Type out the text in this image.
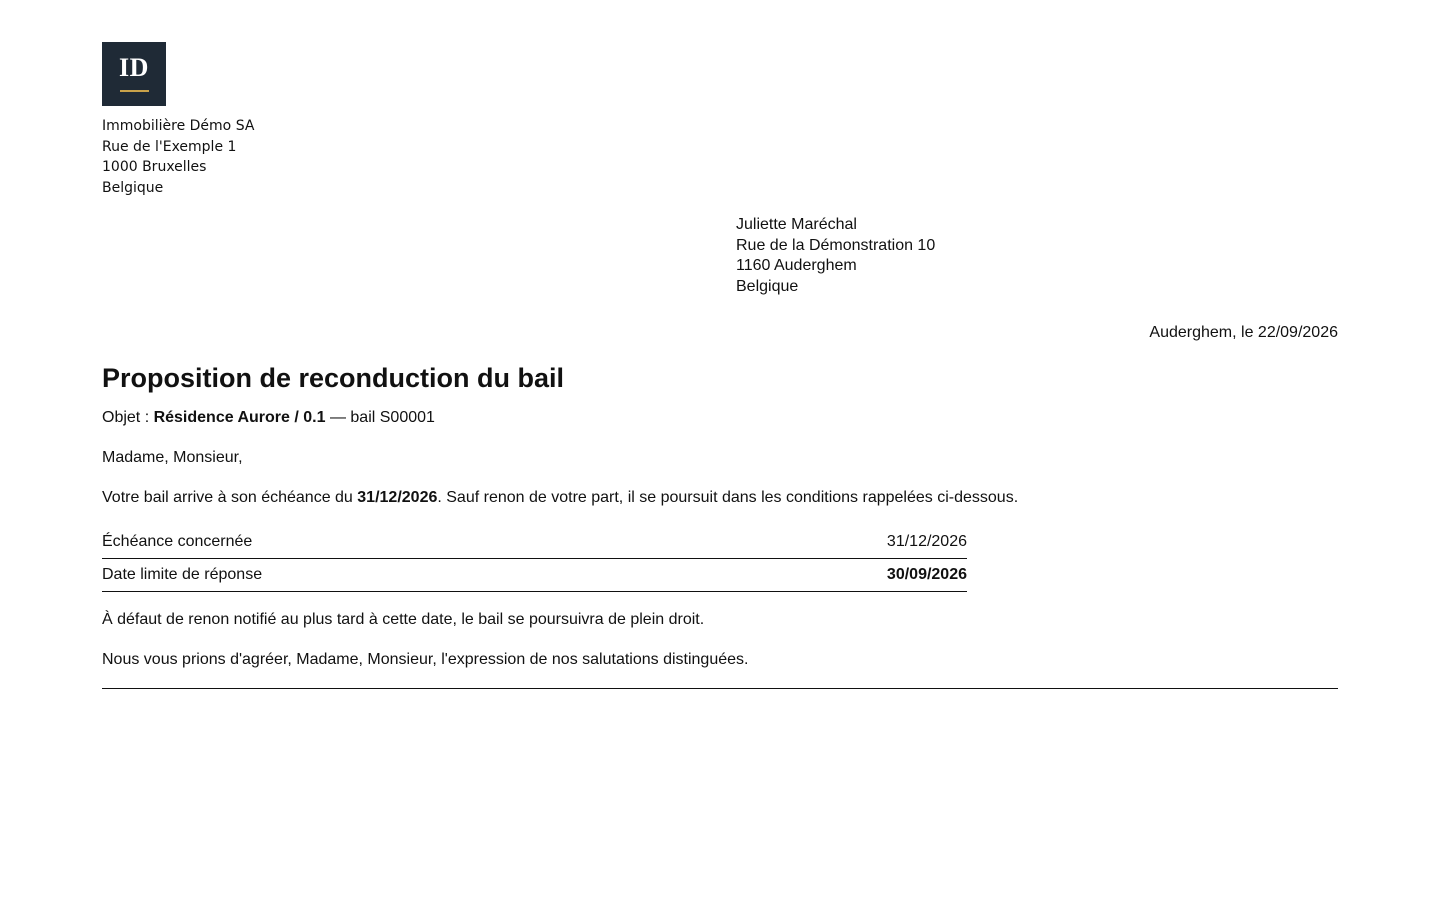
ID
Immobilière Démo SA
Rue de l'Exemple 1
1000 Bruxelles
Belgique
Juliette Maréchal
Rue de la Démonstration 10
1160 Auderghem
Belgique
Auderghem, le 22/09/2026
Proposition de reconduction du bail

Objet : Résidence Aurore / 0.1 — bail S00001

Madame, Monsieur,

Votre bail arrive à son échéance du 31/12/2026. Sauf renon de votre part, il se poursuit dans les conditions rappelées ci-dessous.

Échéance concernée	31/12/2026
Date limite de réponse	30/09/2026

À défaut de renon notifié au plus tard à cette date, le bail se poursuivra de plein droit.

Nous vous prions d'agréer, Madame, Monsieur, l'expression de nos salutations distinguées.
